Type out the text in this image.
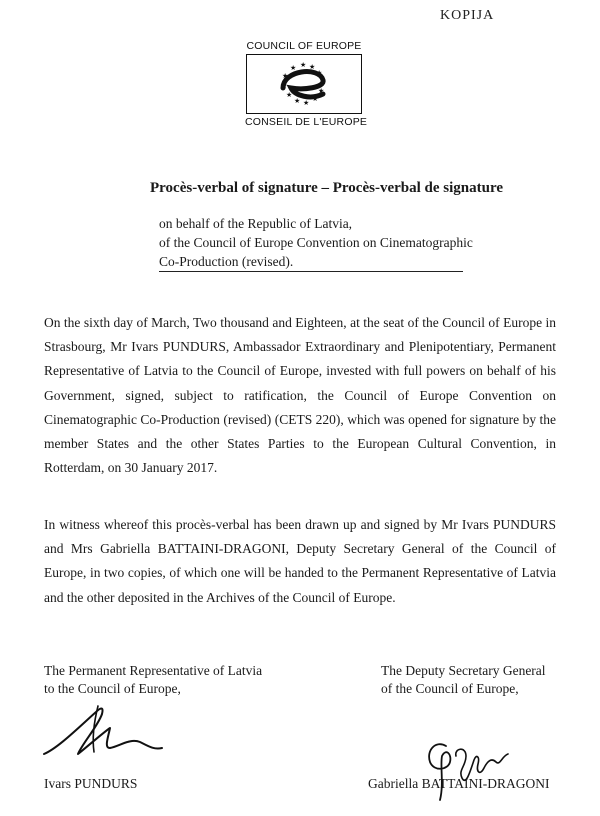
KOPIJA
COUNCIL OF EUROPE
★ ★
★
★
★
★
★
★
★
★
★
★
CONSEIL DE L'EUROPE
Procès-verbal of signature – Procès-verbal de signature
on behalf of the Republic of Latvia,
of the Council of Europe Convention on Cinematographic
Co-Production (revised).

On the sixth day of March, Two thousand and Eighteen, at the seat of the Council of Europe in Strasbourg, Mr Ivars PUNDURS, Ambassador Extraordinary and Plenipotentiary, Permanent Representative of Latvia to the Council of Europe, invested with full powers on behalf of his Government, signed, subject to ratification, the Council of Europe Convention on Cinematographic Co-Production (revised) (CETS 220), which was opened for signature by the member States and the other States Parties to the European Cultural Convention, in Rotterdam, on 30 January 2017.

In witness whereof this procès-verbal has been drawn up and signed by Mr Ivars PUNDURS and Mrs Gabriella BATTAINI-DRAGONI, Deputy Secretary General of the Council of Europe, in two copies, of which one will be handed to the Permanent Representative of Latvia and the other deposited in the Archives of the Council of Europe.

The Permanent Representative of Latvia
to the Council of Europe,
The Deputy Secretary General
of the Council of Europe,
Ivars PUNDURS	Gabriella BATTAINI-DRAGONI
